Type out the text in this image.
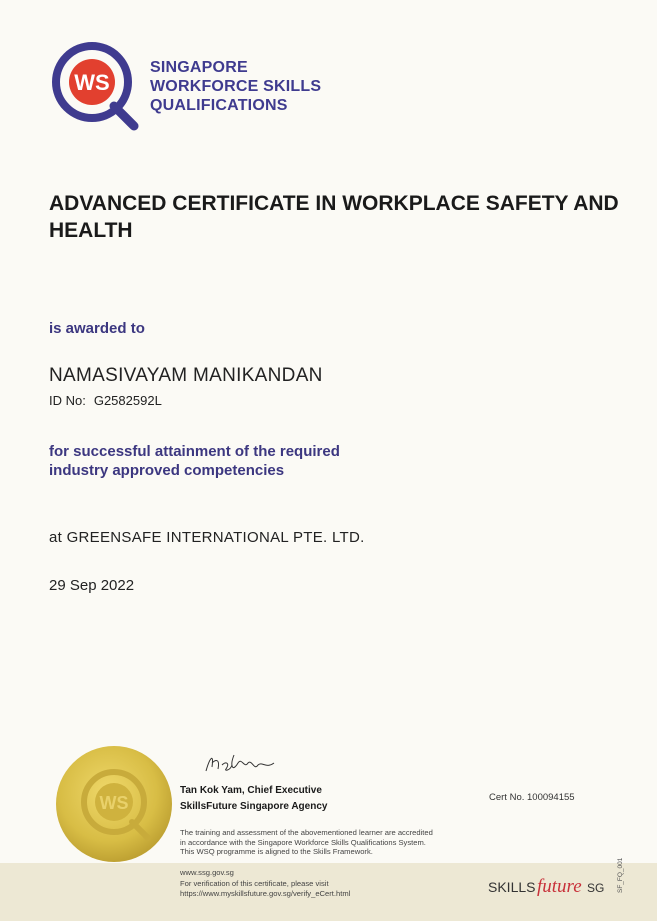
WS
SINGAPORE
WORKFORCE SKILLS
QUALIFICATIONS
ADVANCED CERTIFICATE IN WORKPLACE SAFETY AND
HEALTH
is awarded to
NAMASIVAYAM MANIKANDAN
ID No: G2582592L
for successful attainment of the required
industry approved competencies
at GREENSAFE INTERNATIONAL PTE. LTD.
29 Sep 2022
WS
Tan Kok Yam, Chief Executive
SkillsFuture Singapore Agency
Cert No. 100094155
The training and assessment of the abovementioned learner are accredited
in accordance with the Singapore Workforce Skills Qualifications System.
This WSQ programme is aligned to the Skills Framework.
www.ssg.gov.sg
For verification of this certificate, please visit
https://www.myskillsfuture.gov.sg/verify_eCert.html	SKILLS future SG SF_FQ_001
